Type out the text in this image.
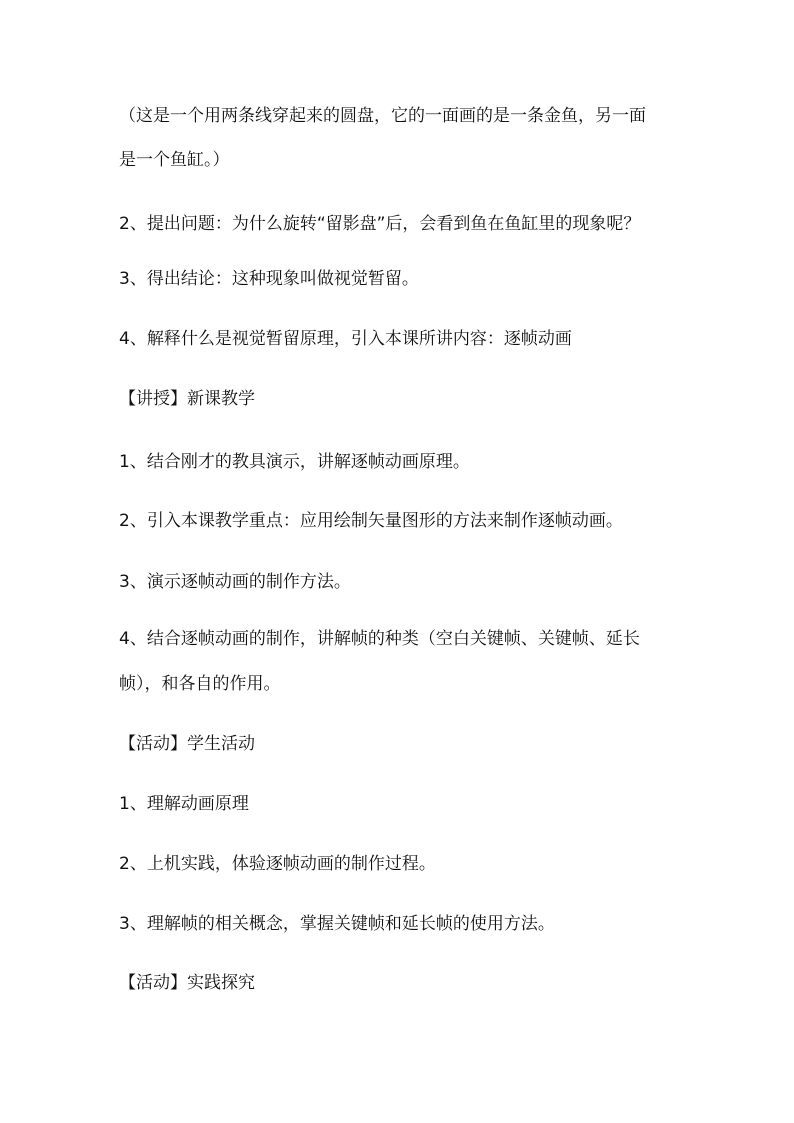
（这是一个用两条线穿起来的圆盘，它的一面画的是一条金鱼，另一面

是一个鱼缸。）

2、提出问题：为什么旋转“留影盘”后，会看到鱼在鱼缸里的现象呢？

3、得出结论：这种现象叫做视觉暂留。

4、解释什么是视觉暂留原理，引入本课所讲内容：逐帧动画

【讲授】新课教学

1、结合刚才的教具演示，讲解逐帧动画原理。

2、引入本课教学重点：应用绘制矢量图形的方法来制作逐帧动画。

3、演示逐帧动画的制作方法。

4、结合逐帧动画的制作，讲解帧的种类（空白关键帧、关键帧、延长

帧），和各自的作用。

【活动】学生活动

1、理解动画原理

2、上机实践，体验逐帧动画的制作过程。

3、理解帧的相关概念，掌握关键帧和延长帧的使用方法。

【活动】实践探究
